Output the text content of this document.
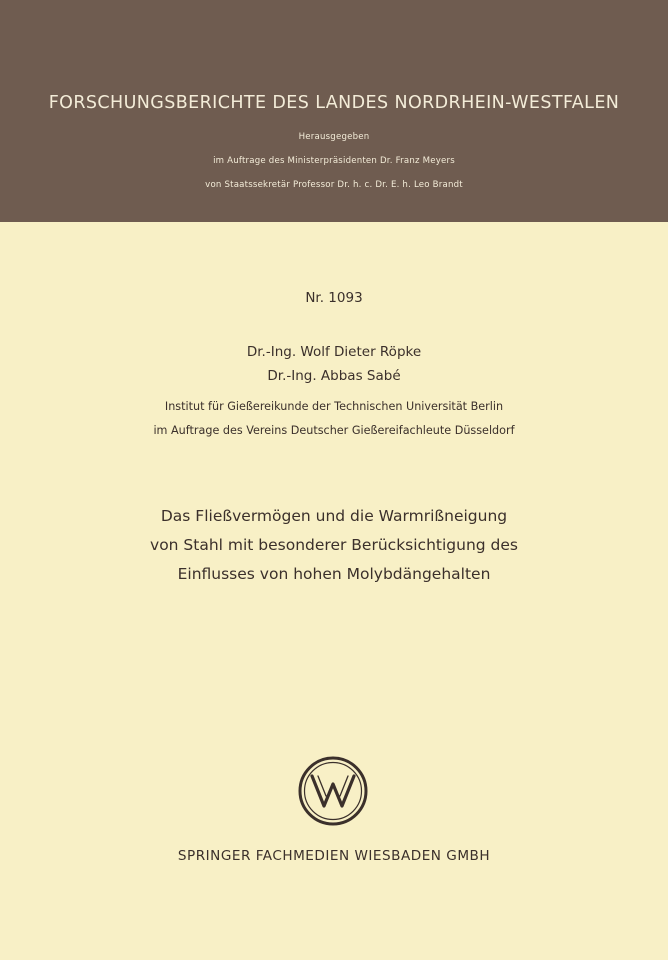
FORSCHUNGSBERICHTE DES LANDES NORDRHEIN-WESTFALEN
Herausgegeben
im Auftrage des Ministerpräsidenten Dr. Franz Meyers
von Staatssekretär Professor Dr. h. c. Dr. E. h. Leo Brandt
Nr. 1093
Dr.-Ing. Wolf Dieter Röpke
Dr.-Ing. Abbas Sabé
Institut für Gießereikunde der Technischen Universität Berlin
im Auftrage des Vereins Deutscher Gießereifachleute Düsseldorf
Das Fließvermögen und die Warmrißneigung
von Stahl mit besonderer Berücksichtigung des
Einflusses von hohen Molybdängehalten
SPRINGER FACHMEDIEN WIESBADEN GMBH
